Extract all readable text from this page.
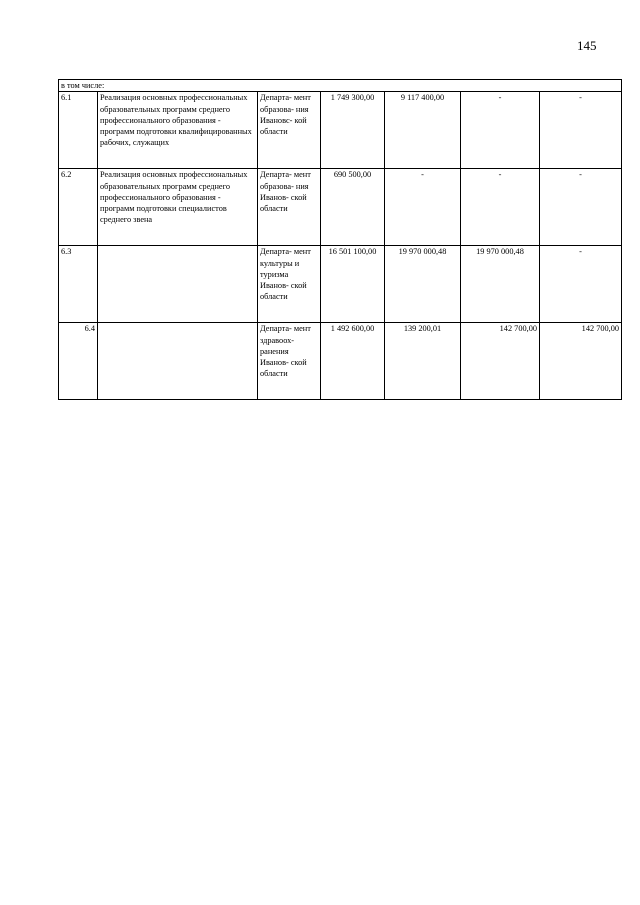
145
в том числе:						
6.1	Реализация основных профессиональных образовательных программ среднего профессионального образования - программ подготовки квалифицированных рабочих, служащих	Департа- мент образова- ния Ивановс- кой области	1 749 300,00	9 117 400,00	-	-
6.2	Реализация основных профессиональных образовательных программ среднего профессионального образования - программ подготовки специалистов среднего звена	Департа- мент образова- ния Иванов- ской области	690 500,00	-	-	-
6.3		Департа- мент культуры и туризма Иванов- ской области	16 501 100,00	19 970 000,48	19 970 000,48	-
6.4		Департа- мент здравоох- ранения Иванов- ской области	1 492 600,00	139 200,01	142 700,00	142 700,00
